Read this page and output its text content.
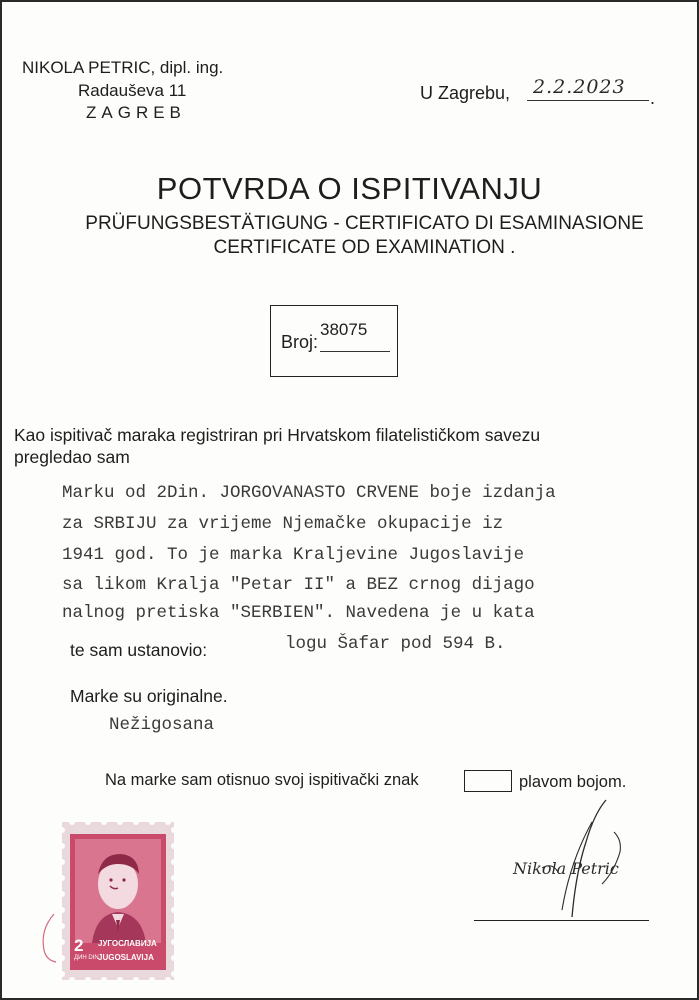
NIKOLA PETRIC, dipl. ing.
Radauševa 11
ZAGREB
U Zagrebu, 2.2.2023 .
POTVRDA O ISPITIVANJU
PRÜFUNGSBESTÄTIGUNG - CERTIFICATO DI ESAMINASIONE
CERTIFICATE OD EXAMINATION .
Broj:
38075
Kao ispitivač maraka registriran pri Hrvatskom filatelističkom savezu
pregledao sam
Marku od 2Din. JORGOVANASTO CRVENE boje izdanja
za SRBIJU za vrijeme Njemačke okupacije iz
1941 god. To je marka Kraljevine Jugoslavije
sa likom Kralja "Petar II" a BEZ crnog dijago
nalnog pretiska "SERBIEN". Navedena je u kata
te sam ustanovio:	logu Šafar pod 594 B.
Marke su originalne.
Nežigosana
Na marke sam otisnuo svoj ispitivački znak	plavom bojom.
2
ДИН DIN
ЈУГОСЛАВИЈА
JUGOSLAVIJA
Nikola Petric
